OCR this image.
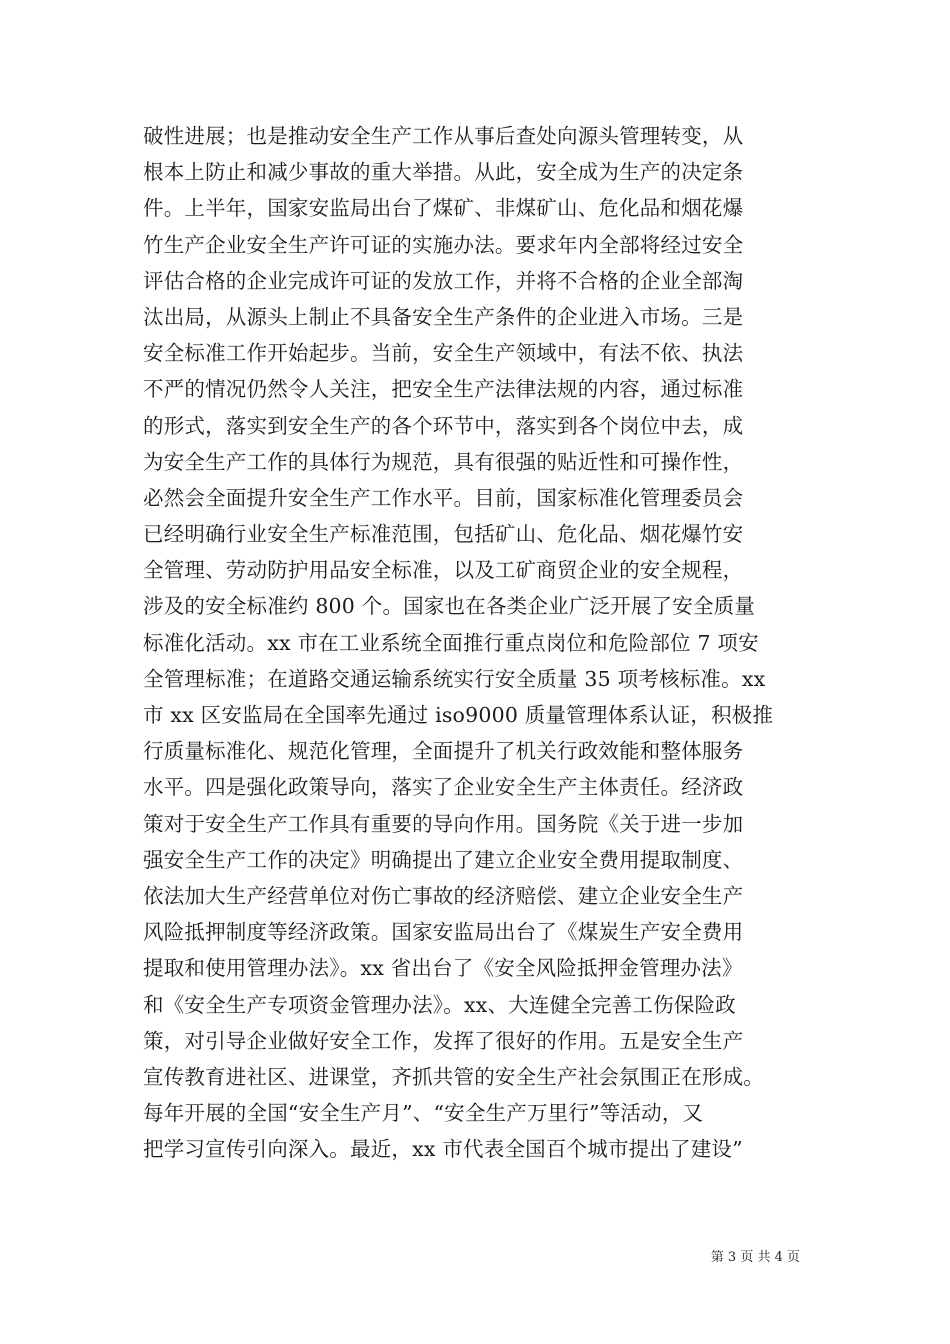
破性进展；也是推动安全生产工作从事后查处向源头管理转变，从
根本上防止和减少事故的重大举措。从此，安全成为生产的决定条
件。上半年，国家安监局出台了煤矿、非煤矿山、危化品和烟花爆
竹生产企业安全生产许可证的实施办法。要求年内全部将经过安全
评估合格的企业完成许可证的发放工作，并将不合格的企业全部淘
汰出局，从源头上制止不具备安全生产条件的企业进入市场。三是
安全标准工作开始起步。当前，安全生产领域中，有法不依、执法
不严的情况仍然令人关注，把安全生产法律法规的内容，通过标准
的形式，落实到安全生产的各个环节中，落实到各个岗位中去，成
为安全生产工作的具体行为规范，具有很强的贴近性和可操作性，
必然会全面提升安全生产工作水平。目前，国家标准化管理委员会
已经明确行业安全生产标准范围，包括矿山、危化品、烟花爆竹安
全管理、劳动防护用品安全标准，以及工矿商贸企业的安全规程，
涉及的安全标准约 800 个。国家也在各类企业广泛开展了安全质量
标准化活动。xx 市在工业系统全面推行重点岗位和危险部位 7 项安
全管理标准；在道路交通运输系统实行安全质量 35 项考核标准。xx
市 xx 区安监局在全国率先通过 iso9000 质量管理体系认证，积极推
行质量标准化、规范化管理，全面提升了机关行政效能和整体服务
水平。四是强化政策导向，落实了企业安全生产主体责任。经济政
策对于安全生产工作具有重要的导向作用。国务院《关于进一步加
强安全生产工作的决定》明确提出了建立企业安全费用提取制度、
依法加大生产经营单位对伤亡事故的经济赔偿、建立企业安全生产
风险抵押制度等经济政策。国家安监局出台了《煤炭生产安全费用
提取和使用管理办法》。xx 省出台了《安全风险抵押金管理办法》
和《安全生产专项资金管理办法》。xx、大连健全完善工伤保险政
策，对引导企业做好安全工作，发挥了很好的作用。五是安全生产
宣传教育进社区、进课堂，齐抓共管的安全生产社会氛围正在形成。
每年开展的全国“安全生产月”、“安全生产万里行”等活动，又
把学习宣传引向深入。最近，xx 市代表全国百个城市提出了建设”
第 3 页 共 4 页
